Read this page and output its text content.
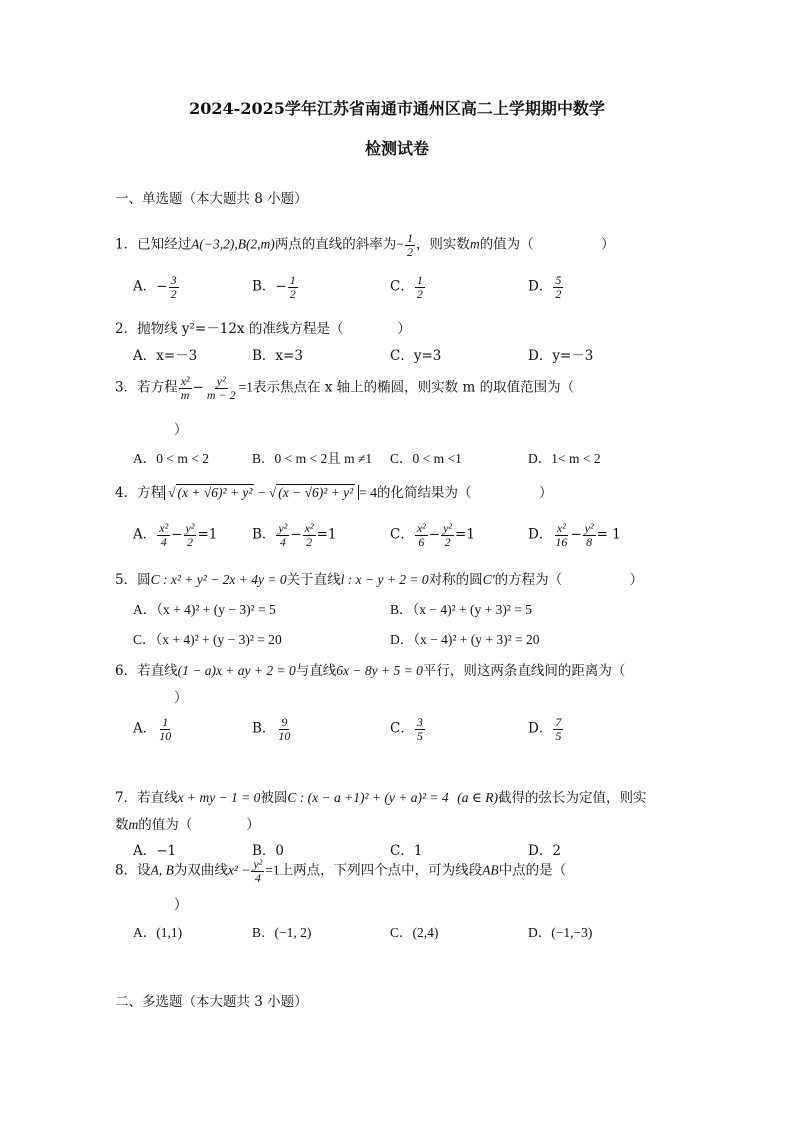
2024-2025学年江苏省南通市通州区高二上学期期中数学
检测试卷
一、单选题（本大题共 8 小题）
1．已知经过A(−3,2),B(2,m)两点的直线的斜率为− $\frac{1}{2}$ ，则实数m的值为（　　　　　）
A．− $\frac{3}{2}$	B．− $\frac{1}{2}$	C． $\frac{1}{2}$	D． $\frac{5}{2}$
2．抛物线 y²=－12x 的准线方程是（　　　　）
A．x=－3	B．x=3	C．y=3	D．y=－3
3．若方程 $\frac{\text{x²}}{m} - \frac{\text{y²}}{m - 2} =1$表示焦点在 x 轴上的椭圆，则实数 m 的取值范围为（
）
A．0 < m < 2	B．0 < m < 2且 m ≠1 C．0 < m <1	D．1< m < 2
4．方程 √ (x + √6)² + y² − √ (x − √6)² + y² = 4的化简结果为（　　　　　）
A． $\frac{\text{x²}}{4} - \frac{\text{y²}}{2} =1$	B． $\frac{\text{y²}}{4} - \frac{\text{x²}}{2} =1$	C． $\frac{\text{x²}}{6} - \frac{\text{y²}}{2} =1$	D． $\frac{\text{x²}}{16} - \frac{\text{y²}}{8} = 1$
5．圆C : x² + y² − 2x + 4y = 0关于直线l : x − y + 2 = 0对称的圆C′的方程为（　　　　　）
A．（x + 4)² + (y − 3)² = 5	B．（x − 4)² + (y + 3)² = 5
C．（x + 4)² + (y − 3)² = 20	D．（x − 4)² + (y + 3)² = 20
6．若直线(1 − a)x + ay + 2 = 0与直线6x − 8y + 5 = 0平行，则这两条直线间的距离为（
）
A． $\frac{1}{10}$	B． $\frac{9}{10}$	C． $\frac{3}{5}$	D． $\frac{7}{5}$
7．若直线x + my − 1 = 0被圆C : (x − a +1)² + (y + a)² = 4 (a ∈ R)截得的弦长为定值，则实
数m的值为（　　　　）
A．−1	B．0	C．1	D．2
8．设A, B为双曲线$x^2 - \frac{\text{y²}}{4} =1$上两点，下列四个点中，可为线段AB中点的是（
）
A．(1,1)	B．(−1, 2)	C．(2,4)	D．(−1,−3)
二、多选题（本大题共 3 小题）
